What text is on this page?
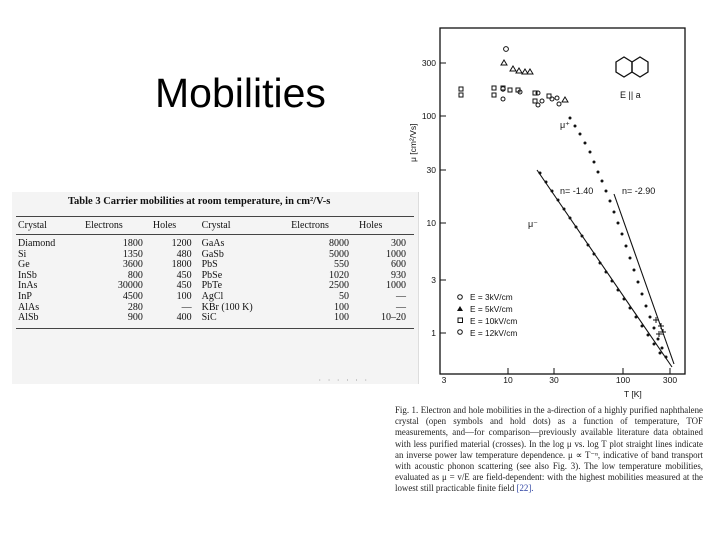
Mobilities
Table 3 Carrier mobilities at room temperature, in cm²/V-s
Crystal	Electrons	Holes	Crystal	Electrons	Holes
Diamond	1800	1200	GaAs	8000	300
Si	1350	480	GaSb	5000	1000
Ge	3600	1800	PbS	550	600
InSb	800	450	PbSe	1020	930
InAs	30000	450	PbTe	2500	1000
InP	4500	100	AgCl	50	—
AlAs	280	—	KBr (100 K)	100	—
AlSb	900	400	SiC	100	10–20
· · · · · ·
300
100
30
10
3
1
3	10	30	100	300
μ [cm²/Vs]
T [K]
E || a
μ⁺
μ⁻
n= -1.40	n= -2.90
E = 3kV/cm
E = 5kV/cm
E = 10kV/cm
E = 12kV/cm
Fig. 1. Electron and hole mobilities in the a-direction of a highly purified naphthalene crystal (open symbols and hold dots) as a function of temperature, TOF measurements, and—for comparison—previously available literature data obtained with less purified material (crosses). In the log μ vs. log T plot straight lines indicate an inverse power law temperature dependence. μ ∝ T⁻ⁿ, indicative of band transport with acoustic phonon scattering (see also Fig. 3). The low temperature mobilities, evaluated as μ = v/E are field-dependent: with the highest mobilities measured at the lowest still practicable finite field [22].
